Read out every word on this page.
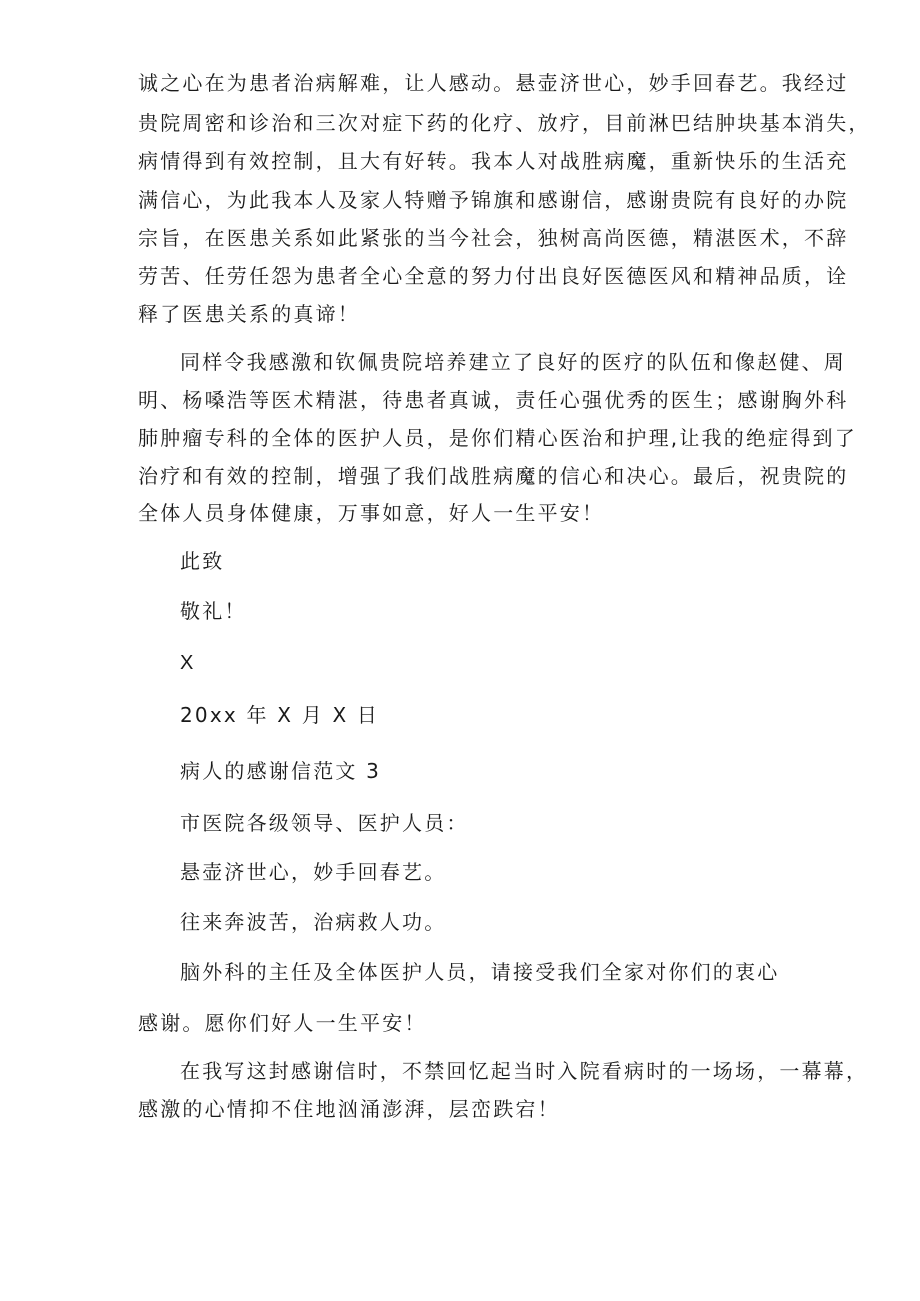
诚之心在为患者治病解难，让人感动。悬壶济世心，妙手回春艺。我经过
贵院周密和诊治和三次对症下药的化疗、放疗，目前淋巴结肿块基本消失，
病情得到有效控制，且大有好转。我本人对战胜病魔，重新快乐的生活充
满信心，为此我本人及家人特赠予锦旗和感谢信，感谢贵院有良好的办院
宗旨，在医患关系如此紧张的当今社会，独树高尚医德，精湛医术，不辞
劳苦、任劳任怨为患者全心全意的努力付出良好医德医风和精神品质，诠
释了医患关系的真谛！
同样令我感激和钦佩贵院培养建立了良好的医疗的队伍和像赵健、周
明、杨嗓浩等医术精湛，待患者真诚，责任心强优秀的医生；感谢胸外科
肺肿瘤专科的全体的医护人员，是你们精心医治和护理,让我的绝症得到了
治疗和有效的控制，增强了我们战胜病魔的信心和决心。最后，祝贵院的
全体人员身体健康，万事如意，好人一生平安！
此致
敬礼！
X
20xx 年 X 月 X 日
病人的感谢信范文 3
市医院各级领导、医护人员：
悬壶济世心，妙手回春艺。
往来奔波苦，治病救人功。
脑外科的主任及全体医护人员，请接受我们全家对你们的衷心
感谢。愿你们好人一生平安！
在我写这封感谢信时，不禁回忆起当时入院看病时的一场场，一幕幕，
感激的心情抑不住地汹涌澎湃，层峦跌宕！
